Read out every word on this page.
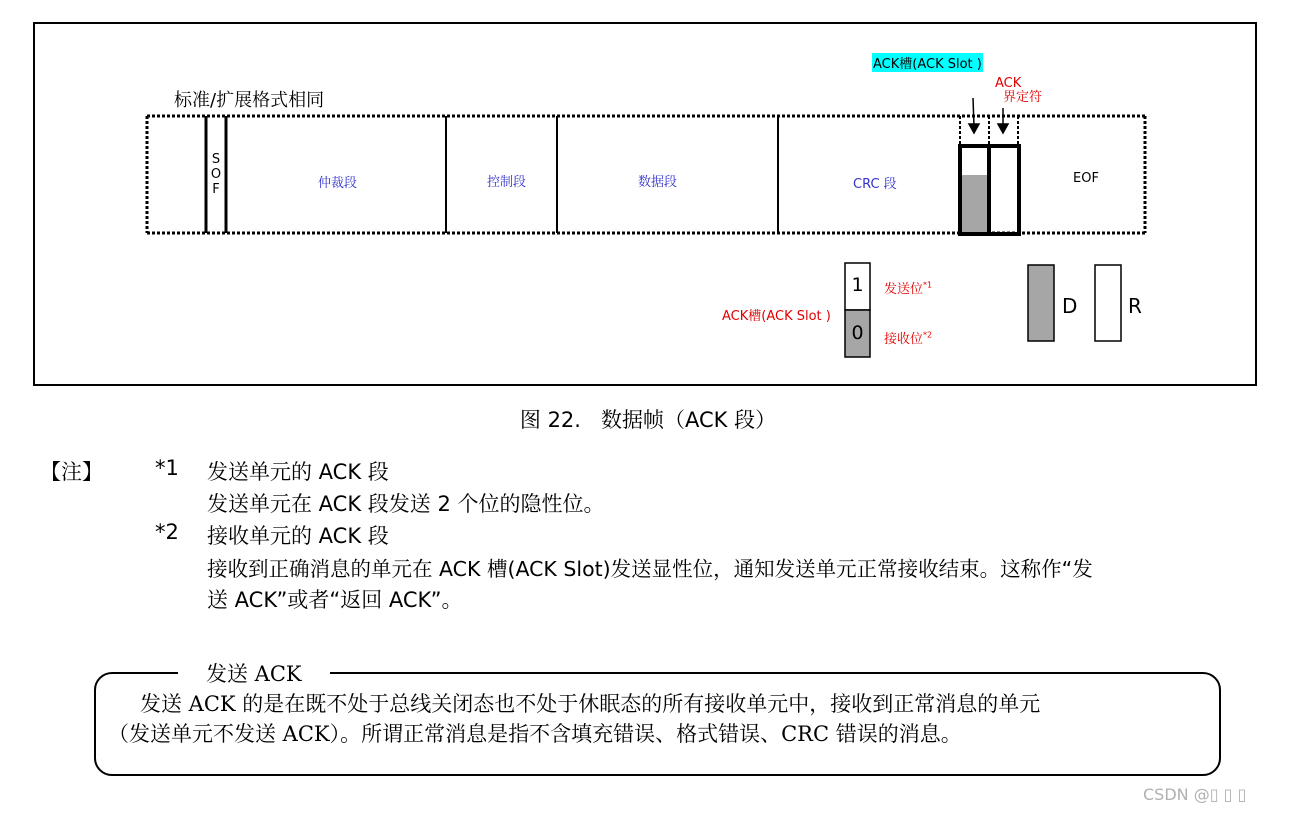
标准/扩展格式相同
ACK槽(ACK Slot )
ACK
界定符
S
O
F	仲裁段	控制段	数据段	CRC 段	EOF
1
0
发送位$^{*1}$
接收位$^{*2}$
ACK槽(ACK Slot )	D	R
图 22.   数据帧（ACK 段）
【注】 *1 发送单元的 ACK 段
发送单元在 ACK 段发送 2 个位的隐性位。
*2 接收单元的 ACK 段
接收到正确消息的单元在 ACK 槽(ACK Slot)发送显性位，通知发送单元正常接收结束。这称作“发
送 ACK”或者“返回 ACK”。
发送 ACK
发送 ACK 的是在既不处于总线关闭态也不处于休眠态的所有接收单元中，接收到正常消息的单元
（发送单元不发送 ACK）。所谓正常消息是指不含填充错误、格式错误、CRC 错误的消息。
CSDN @▯ ▯ ▯
